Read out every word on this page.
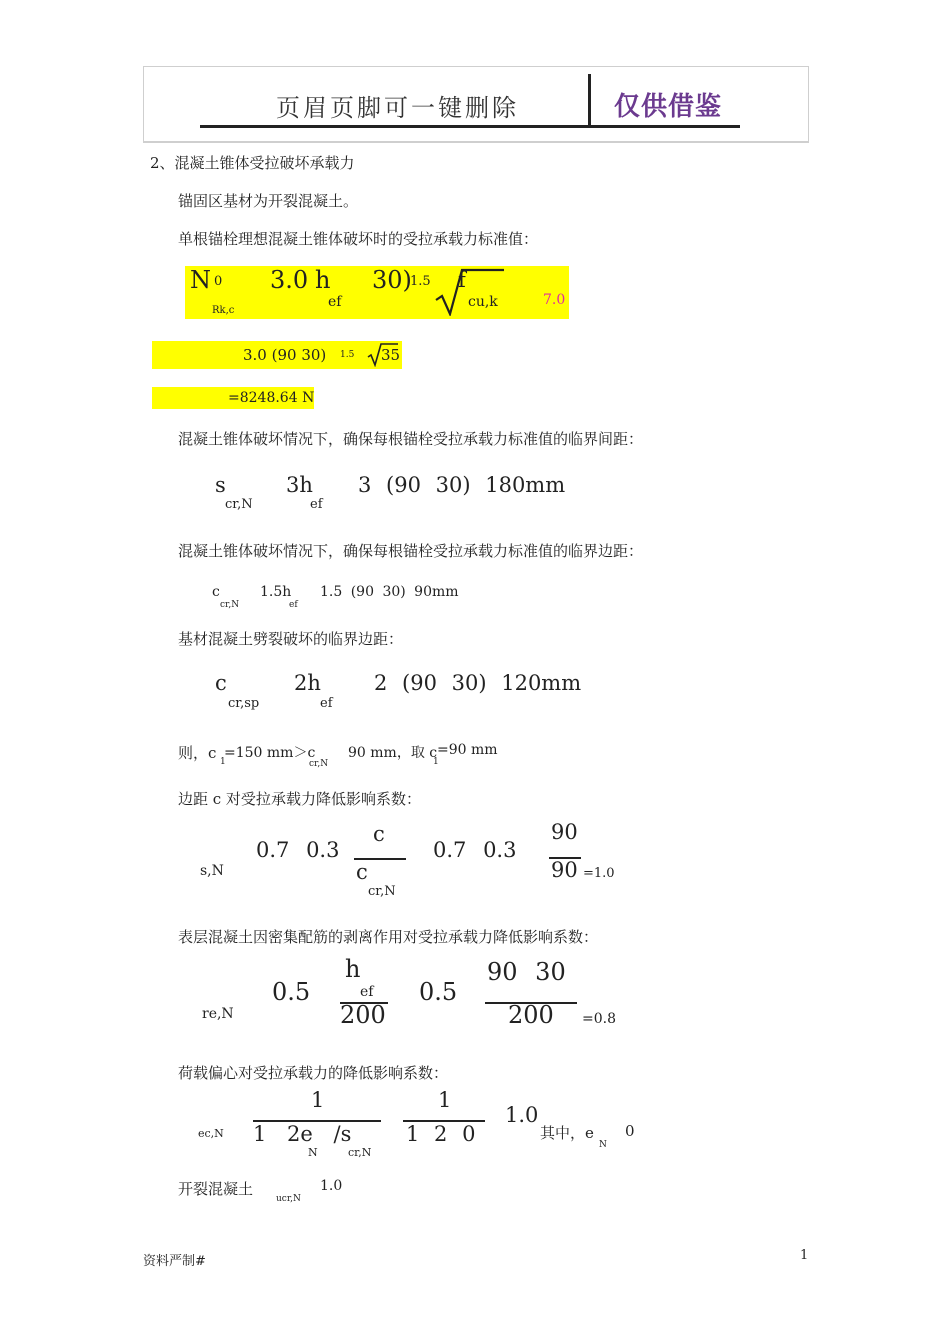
页眉页脚可一键删除	仅供借鉴
2、混凝土锥体受拉破坏承载力
锚固区基材为开裂混凝土。
单根锚栓理想混凝土锥体破坏时的受拉承载力标准值：
N 0
Rk,c
3.0 h
ef
30)
1.5 f
cu,k	7.0
3.0 (90 30) 1.5 35
=8248.64 N
混凝土锥体破坏情况下，确保每根锚栓受拉承载力标准值的临界间距：
s
cr,N
3h
ef
3 (90 30) 180mm
混凝土锥体破坏情况下，确保每根锚栓受拉承载力标准值的临界边距：
c
cr,N
1.5h
ef
1.5 (90 30) 90mm
基材混凝土劈裂破坏的临界边距：
c
cr,sp
2h
ef
2 (90 30) 120mm
则，c 1
=150 mm＞c
cr,N
90 mm，取 c
1
=90 mm
边距 c 对受拉承载力降低影响系数：
s,N
0.7 0.3
c
c
cr,N
0.7 0.3
90
90 =1.0
表层混凝土因密集配筋的剥离作用对受拉承载力降低影响系数：
re,N
0.5
h
ef
200
0.5
90 30
200 =0.8
荷载偏心对受拉承载力的降低影响系数：
ec,N
1
1 2e /s
N	cr,N
1
1 2 0
1.0
其中，e
N
0
开裂混凝土
ucr,N
1.0
资料严制#	1
